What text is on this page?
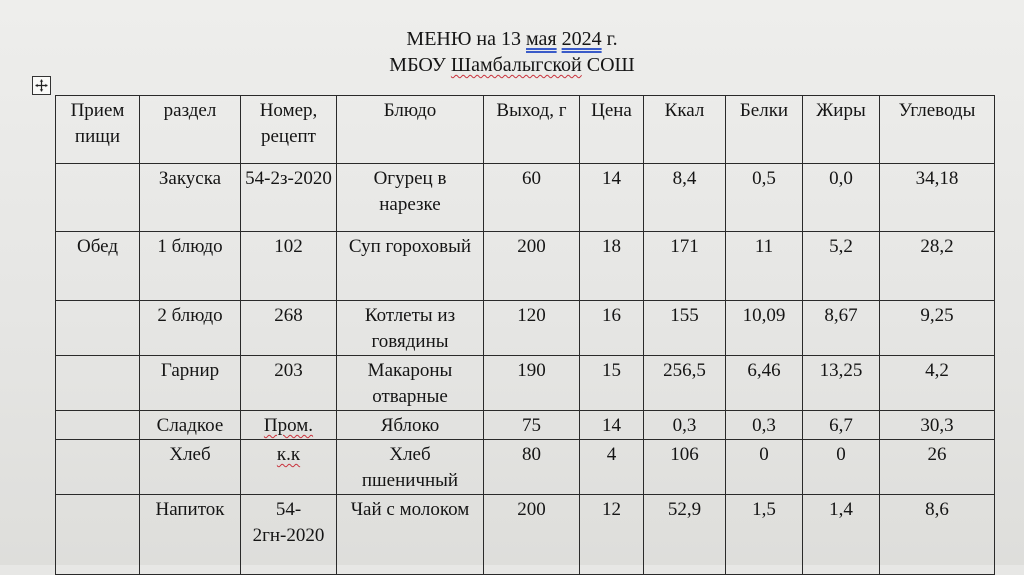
МЕНЮ на 13 мая 2024 г.
МБОУ Шамбалыгской СОШ
Прием пищи	раздел	Номер, рецепт	Блюдо	Выход, г	Цена	Ккал	Белки	Жиры	Углеводы
	Закуска	54-2з-2020	Огурец в нарезке	60	14	8,4	0,5	0,0	34,18
Обед	1 блюдо	102	Суп гороховый	200	18	171	11	5,2	28,2
	2 блюдо	268	Котлеты из говядины	120	16	155	10,09	8,67	9,25
	Гарнир	203	Макароны отварные	190	15	256,5	6,46	13,25	4,2
	Сладкое	Пром.	Яблоко	75	14	0,3	0,3	6,7	30,3
	Хлеб	к.к	Хлеб пшеничный	80	4	106	0	0	26
	Напиток	54-2гн-2020	Чай с молоком	200	12	52,9	1,5	1,4	8,6
